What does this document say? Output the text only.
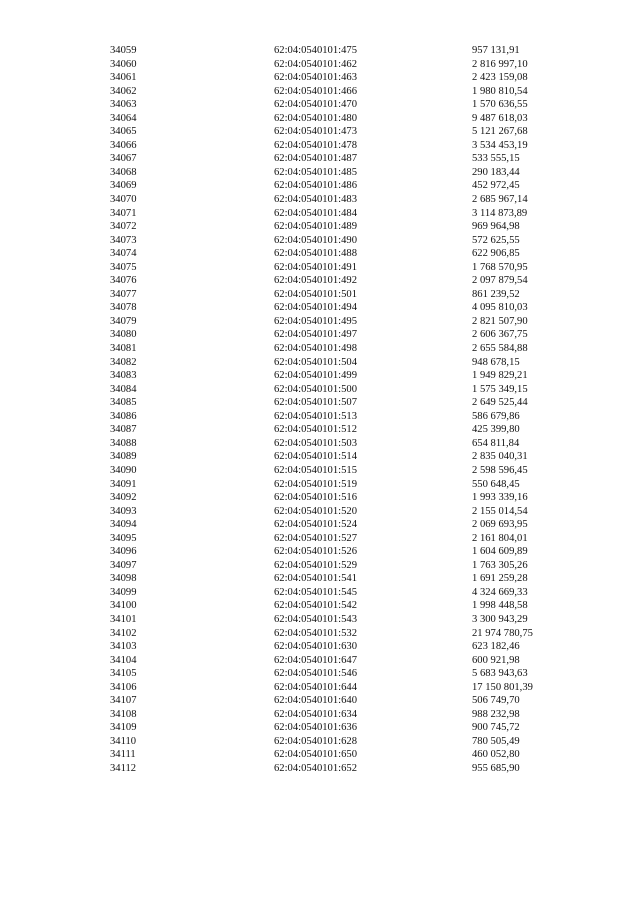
34059	62:04:0540101:475	957 131,91
34060	62:04:0540101:462	2 816 997,10
34061	62:04:0540101:463	2 423 159,08
34062	62:04:0540101:466	1 980 810,54
34063	62:04:0540101:470	1 570 636,55
34064	62:04:0540101:480	9 487 618,03
34065	62:04:0540101:473	5 121 267,68
34066	62:04:0540101:478	3 534 453,19
34067	62:04:0540101:487	533 555,15
34068	62:04:0540101:485	290 183,44
34069	62:04:0540101:486	452 972,45
34070	62:04:0540101:483	2 685 967,14
34071	62:04:0540101:484	3 114 873,89
34072	62:04:0540101:489	969 964,98
34073	62:04:0540101:490	572 625,55
34074	62:04:0540101:488	622 906,85
34075	62:04:0540101:491	1 768 570,95
34076	62:04:0540101:492	2 097 879,54
34077	62:04:0540101:501	861 239,52
34078	62:04:0540101:494	4 095 810,03
34079	62:04:0540101:495	2 821 507,90
34080	62:04:0540101:497	2 606 367,75
34081	62:04:0540101:498	2 655 584,88
34082	62:04:0540101:504	948 678,15
34083	62:04:0540101:499	1 949 829,21
34084	62:04:0540101:500	1 575 349,15
34085	62:04:0540101:507	2 649 525,44
34086	62:04:0540101:513	586 679,86
34087	62:04:0540101:512	425 399,80
34088	62:04:0540101:503	654 811,84
34089	62:04:0540101:514	2 835 040,31
34090	62:04:0540101:515	2 598 596,45
34091	62:04:0540101:519	550 648,45
34092	62:04:0540101:516	1 993 339,16
34093	62:04:0540101:520	2 155 014,54
34094	62:04:0540101:524	2 069 693,95
34095	62:04:0540101:527	2 161 804,01
34096	62:04:0540101:526	1 604 609,89
34097	62:04:0540101:529	1 763 305,26
34098	62:04:0540101:541	1 691 259,28
34099	62:04:0540101:545	4 324 669,33
34100	62:04:0540101:542	1 998 448,58
34101	62:04:0540101:543	3 300 943,29
34102	62:04:0540101:532	21 974 780,75
34103	62:04:0540101:630	623 182,46
34104	62:04:0540101:647	600 921,98
34105	62:04:0540101:546	5 683 943,63
34106	62:04:0540101:644	17 150 801,39
34107	62:04:0540101:640	506 749,70
34108	62:04:0540101:634	988 232,98
34109	62:04:0540101:636	900 745,72
34110	62:04:0540101:628	780 505,49
34111	62:04:0540101:650	460 052,80
34112	62:04:0540101:652	955 685,90
